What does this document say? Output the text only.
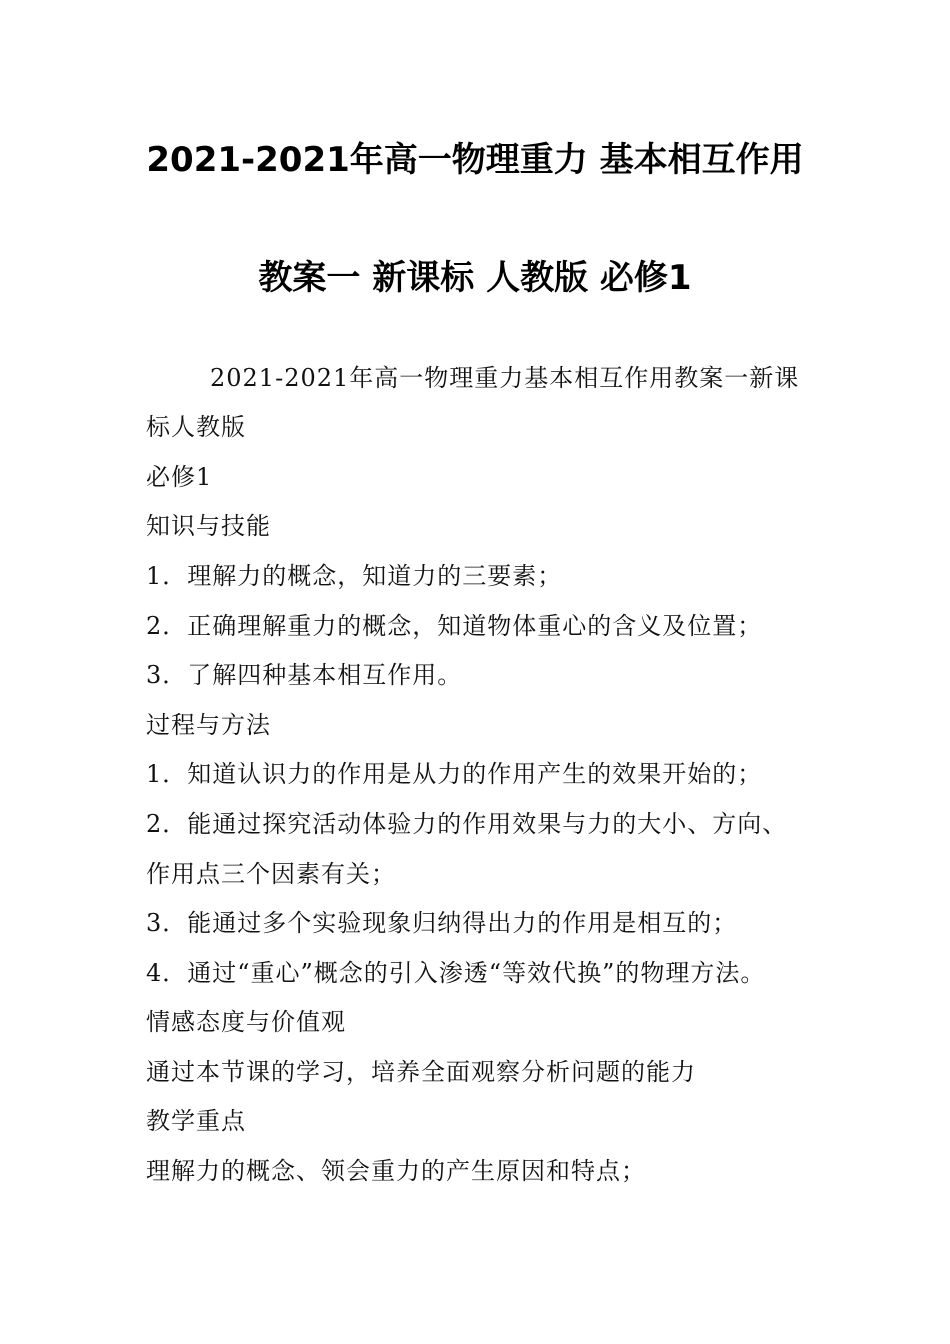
2021-2021年高一物理重力 基本相互作用
教案一 新课标 人教版 必修1
2021-2021年高一物理重力基本相互作用教案一新课
标人教版
必修1
知识与技能
1．理解力的概念，知道力的三要素；
2．正确理解重力的概念，知道物体重心的含义及位置；
3．了解四种基本相互作用。
过程与方法
1．知道认识力的作用是从力的作用产生的效果开始的；
2．能通过探究活动体验力的作用效果与力的大小、方向、
作用点三个因素有关；
3．能通过多个实验现象归纳得出力的作用是相互的；
4．通过“重心”概念的引入渗透“等效代换”的物理方法。
情感态度与价值观
通过本节课的学习，培养全面观察分析问题的能力
教学重点
理解力的概念、领会重力的产生原因和特点；
